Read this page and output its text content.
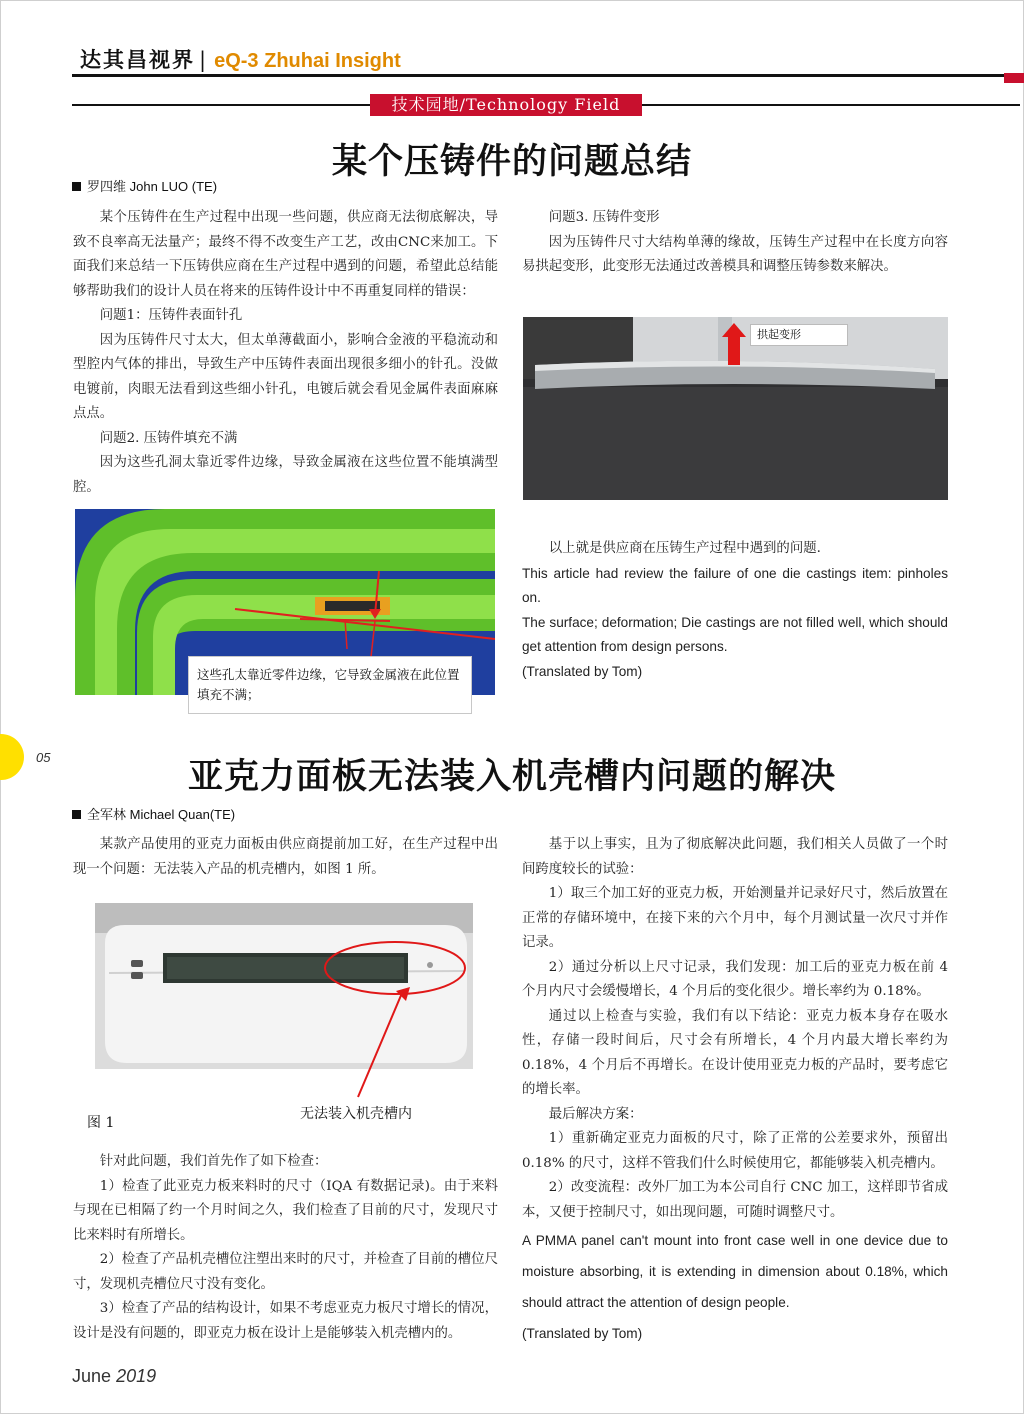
达其昌视界 | eQ-3 Zhuhai Insight
技术园地/Technology Field
某个压铸件的问题总结
罗四维 John LUO (TE)

某个压铸件在生产过程中出现一些问题，供应商无法彻底解决，导致不良率高无法量产；最终不得不改变生产工艺，改由CNC来加工。下面我们来总结一下压铸供应商在生产过程中遇到的问题，希望此总结能够帮助我们的设计人员在将来的压铸件设计中不再重复同样的错误：

问题1：压铸件表面针孔

因为压铸件尺寸太大，但太单薄截面小，影响合金液的平稳流动和型腔内气体的排出，导致生产中压铸件表面出现很多细小的针孔。没做电镀前，肉眼无法看到这些细小针孔，电镀后就会看见金属件表面麻麻点点。

问题2. 压铸件填充不满

因为这些孔洞太靠近零件边缘，导致金属液在这些位置不能填满型腔。

问题3. 压铸件变形

因为压铸件尺寸大结构单薄的缘故，压铸生产过程中在长度方向容易拱起变形，此变形无法通过改善模具和调整压铸参数来解决。

这些孔太靠近零件边缘，它导致金属液在此位置填充不满；
拱起变形

以上就是供应商在压铸生产过程中遇到的问题.

This article had review the failure of one die castings item: pinholes on.

The surface; deformation; Die castings are not filled well, which should get attention from design persons.

(Translated by Tom)

05	亚克力面板无法装入机壳槽内问题的解决
全军林 Michael Quan(TE)

某款产品使用的亚克力面板由供应商提前加工好，在生产过程中出现一个问题：无法装入产品的机壳槽内，如图 1 所。

图 1
无法装入机壳槽内

针对此问题，我们首先作了如下检查：

1）检查了此亚克力板来料时的尺寸（IQA 有数据记录)。由于来料与现在已相隔了约一个月时间之久，我们检查了目前的尺寸，发现尺寸比来料时有所增长。

2）检查了产品机壳槽位注塑出来时的尺寸，并检查了目前的槽位尺寸，发现机壳槽位尺寸没有变化。

3）检查了产品的结构设计，如果不考虑亚克力板尺寸增长的情况，设计是没有问题的，即亚克力板在设计上是能够装入机壳槽内的。

基于以上事实，且为了彻底解决此问题，我们相关人员做了一个时间跨度较长的试验：

1）取三个加工好的亚克力板，开始测量并记录好尺寸，然后放置在正常的存储环境中，在接下来的六个月中，每个月测试量一次尺寸并作记录。

2）通过分析以上尺寸记录，我们发现：加工后的亚克力板在前 4 个月内尺寸会缓慢增长，4 个月后的变化很少。增长率约为 0.18%。

通过以上检查与实验，我们有以下结论：亚克力板本身存在吸水性，存储一段时间后，尺寸会有所增长，4 个月内最大增长率约为 0.18%，4 个月后不再增长。在设计使用亚克力板的产品时，要考虑它的增长率。

最后解决方案：

1）重新确定亚克力面板的尺寸，除了正常的公差要求外，预留出 0.18% 的尺寸，这样不管我们什么时候使用它，都能够装入机壳槽内。

2）改变流程：改外厂加工为本公司自行 CNC 加工，这样即节省成本，又便于控制尺寸，如出现问题，可随时调整尺寸。

A PMMA panel can't mount into front case well in one device due to moisture absorbing, it is extending in dimension about 0.18%, which should attract the attention of design people.

(Translated by Tom)

June 2019
